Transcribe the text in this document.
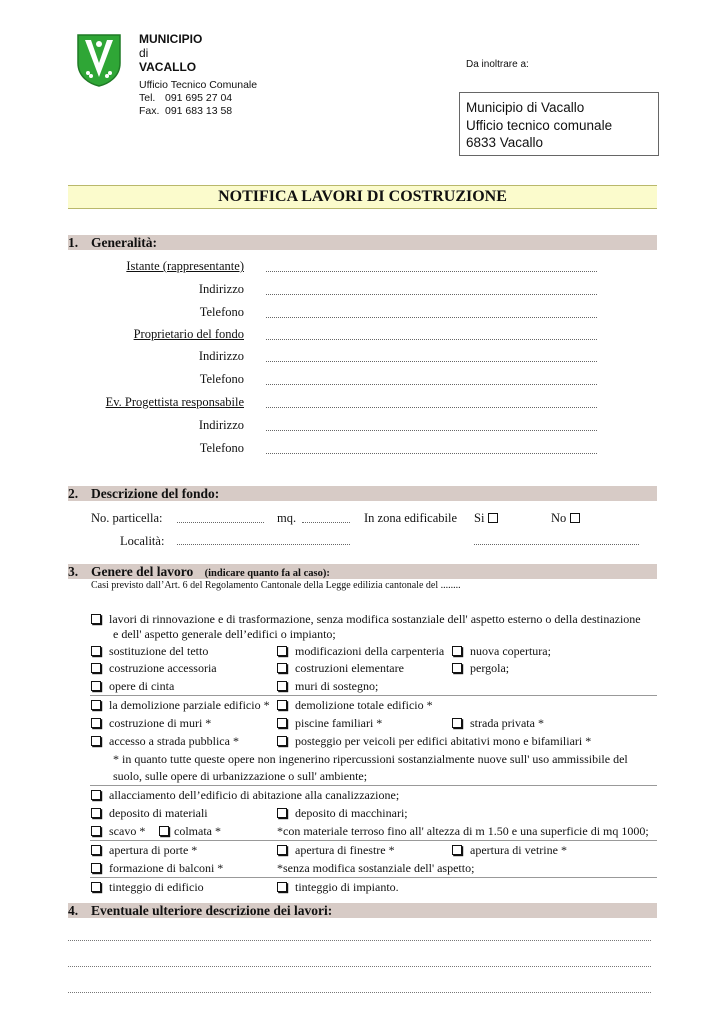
MUNICIPIO
di
VACALLO
Ufficio Tecnico Comunale
Tel. 091 695 27 04
Fax. 091 683 13 58
Da inoltrare a:
Municipio di Vacallo
Ufficio tecnico comunale
6833 Vacallo
NOTIFICA LAVORI DI COSTRUZIONE
1. Generalità:
Istante (rappresentante)
Indirizzo
Telefono
Proprietario del fondo
Indirizzo
Telefono
Ev. Progettista responsabile
Indirizzo
Telefono
2. Descrizione del fondo:
No. particella:	mq.	In zona edificabile Si	No
Località:
3. Genere del lavoro (indicare quanto fa al caso):
Casi previsto dall’Art. 6 del Regolamento Cantonale della Legge edilizia cantonale del ........
lavori di rinnovazione e di trasformazione, senza modifica sostanziale dell' aspetto esterno o della destinazione
e dell' aspetto generale dell’edifici o impianto;
sostituzione del tetto	modificazioni della carpenteria	nuova copertura;
costruzione accessoria	costruzioni elementare	pergola;
opere di cinta	muri di sostegno;
la demolizione parziale edificio *	demolizione totale edificio *
costruzione di muri *	piscine familiari *	strada privata *
accesso a strada pubblica *	posteggio per veicoli per edifici abitativi mono e bifamiliari *
* in quanto tutte queste opere non ingenerino ripercussioni sostanzialmente nuove sull' uso ammissibile del
suolo, sulle opere di urbanizzazione o sull' ambiente;
allacciamento dell’edificio di abitazione alla canalizzazione;
deposito di materiali	deposito di macchinari;
scavo *	colmata *	*con materiale terroso fino all' altezza di m 1.50 e una superficie di mq 1000;
apertura di porte *	apertura di finestre *	apertura di vetrine *
formazione di balconi *	*senza modifica sostanziale dell' aspetto;
tinteggio di edificio	tinteggio di impianto.
4. Eventuale ulteriore descrizione dei lavori:
